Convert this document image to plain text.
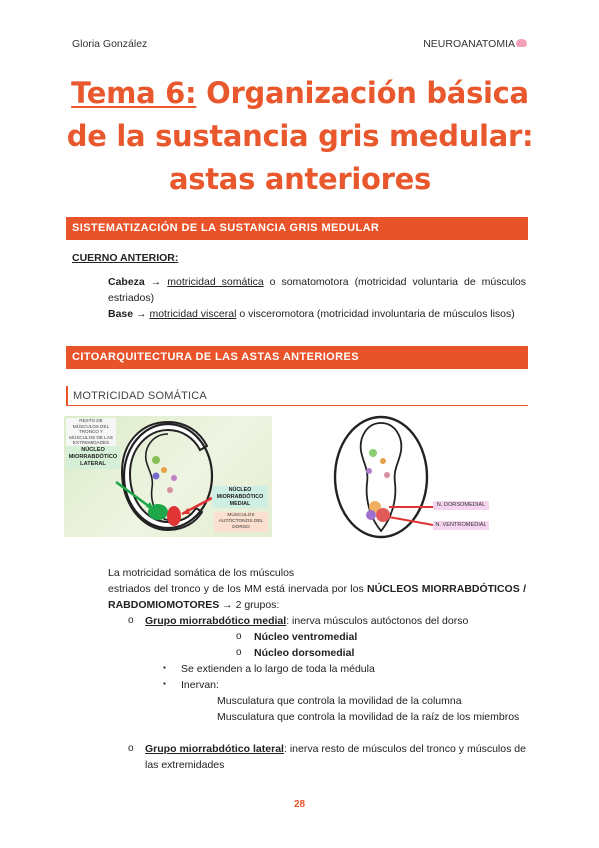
Gloria González	NEUROANATOMIA
Tema 6: Organización básica de la sustancia gris medular: astas anteriores
SISTEMATIZACIÓN DE LA SUSTANCIA GRIS MEDULAR
CUERNO ANTERIOR:
Cabeza → motricidad somática o somatomotora (motricidad voluntaria de músculos estriados)
Base → motricidad visceral o visceromotora (motricidad involuntaria de músculos lisos)
CITOARQUITECTURA DE LAS ASTAS ANTERIORES
MOTRICIDAD SOMÁTICA
RESTO DE MÚSCULOS DEL TRONCO Y MÚSCULOS DE LAS EXTREMIDADES
NÚCLEO MIORRABDÓTICO LATERAL
NÚCLEO MIORRABDÓTICO MEDIAL
MÚSCULOS AUTÓCTONOS DEL DORSO
N. DORSOMEDIAL
N. VENTROMEDIAL
La motricidad somática de los músculos
estriados del tronco y de los MM está inervada por los NÚCLEOS MIORRABDÓTICOS / RABDOMIOMOTORES → 2 grupos:
o Grupo miorrabdótico medial: inerva músculos autóctonos del dorso
o Núcleo ventromedial
o Núcleo dorsomedial
▪ Se extienden a lo largo de toda la médula
▪ Inervan:
Musculatura que controla la movilidad de la columna
Musculatura que controla la movilidad de la raíz de los miembros
o Grupo miorrabdótico lateral: inerva resto de músculos del tronco y músculos de las extremidades
28
